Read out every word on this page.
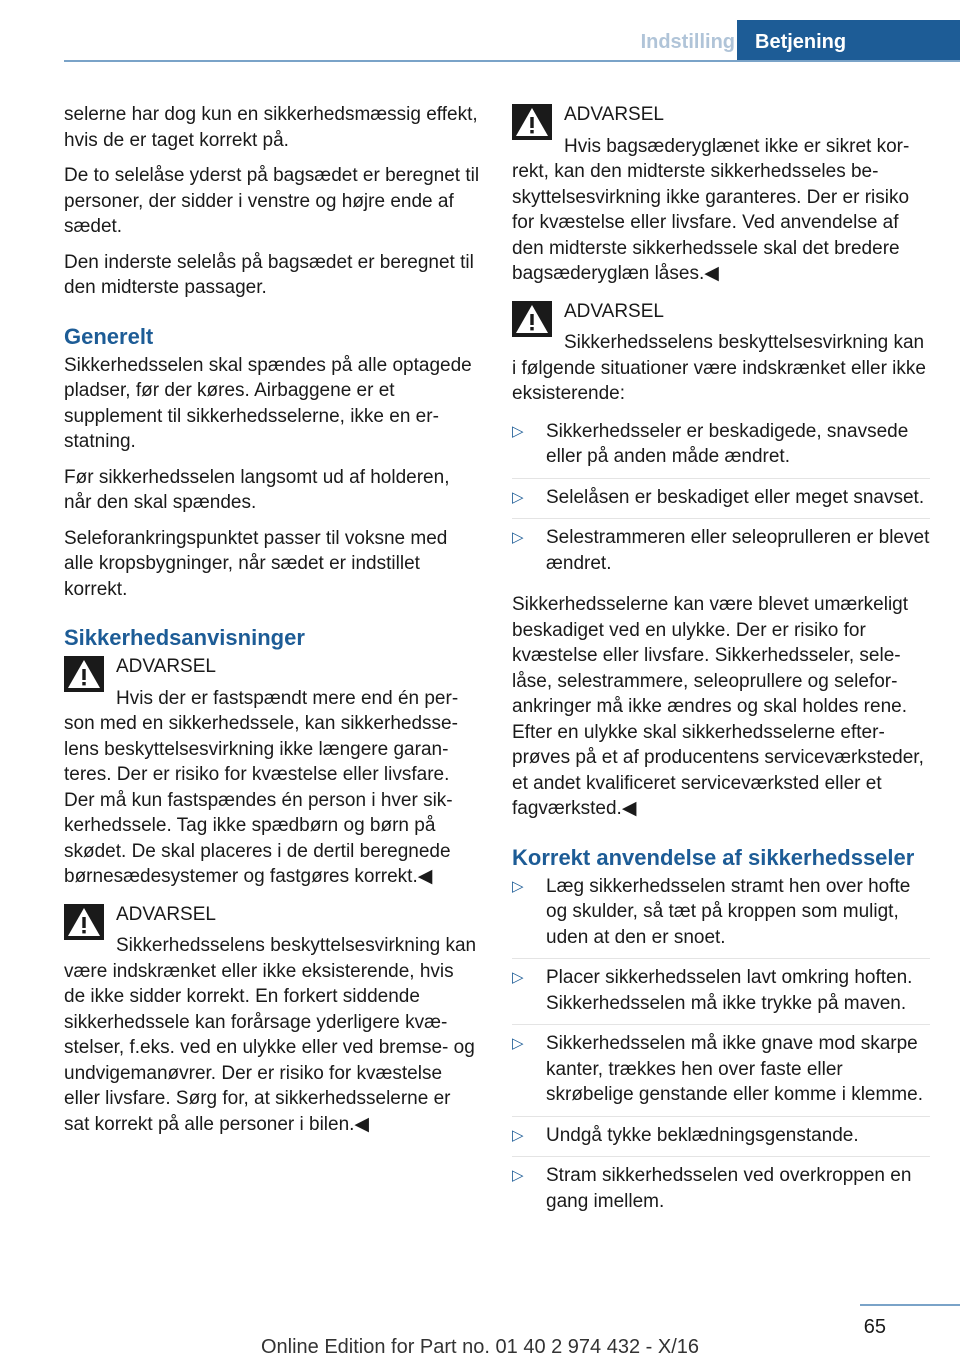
Indstilling	Betjening

selerne har dog kun en sikkerhedsmæssig effekt, hvis de er taget korrekt på.

De to selelåse yderst på bagsædet er beregnet til personer, der sidder i venstre og højre ende af sædet.

Den inderste selelås på bagsædet er beregnet til den midterste passager.

Generelt

Sikkerhedsselen skal spændes på alle optagede pladser, før der køres. Airbaggene er et supplement til sikkerhedsselerne, ikke en erstatning.

Før sikkerhedsselen langsomt ud af holderen, når den skal spændes.

Seleforankringspunktet passer til voksne med alle kropsbygninger, når sædet er indstillet korrekt.

Sikkerhedsanvisninger
ADVARSEL
Hvis der er fastspændt mere end én person med en sikkerhedssele, kan sikkerhedsselens beskyttelsesvirkning ikke længere garanteres. Der er risiko for kvæstelse eller livsfare. Der må kun fastspændes én person i hver sikkerhedssele. Tag ikke spædbørn og børn på skødet. De skal placeres i de dertil beregnede børnesædesystemer og fastgøres korrekt.◀
ADVARSEL
Sikkerhedsselens beskyttelsesvirkning kan være indskrænket eller ikke eksisterende, hvis de ikke sidder korrekt. En forkert siddende sikkerhedssele kan forårsage yderligere kvæstelser, f.eks. ved en ulykke eller ved bremse- og undvigemanøvrer. Der er risiko for kvæstelse eller livsfare. Sørg for, at sikkerhedsselerne er sat korrekt på alle personer i bilen.◀
ADVARSEL
Hvis bagsæderyglænet ikke er sikret korrekt, kan den midterste sikkerhedsseles beskyttelsesvirkning ikke garanteres. Der er risiko for kvæstelse eller livsfare. Ved anvendelse af den midterste sikkerhedssele skal det bredere bagsæderyglæn låses.◀
ADVARSEL
Sikkerhedsselens beskyttelsesvirkning kan i følgende situationer være indskrænket eller ikke eksisterende:
▷ Sikkerhedsseler er beskadigede, snavsede eller på anden måde ændret.
▷ Selelåsen er beskadiget eller meget snavset.
▷ Selestrammeren eller seleoprulleren er blevet ændret.

Sikkerhedsselerne kan være blevet umærkeligt beskadiget ved en ulykke. Der er risiko for kvæstelse eller livsfare. Sikkerhedsseler, selelåse, selestrammere, seleoprullere og seleforankringer må ikke ændres og skal holdes rene. Efter en ulykke skal sikkerhedsselerne efterprøves på et af producentens serviceværksteder, et andet kvalificeret serviceværksted eller et fagværksted.◀

Korrekt anvendelse af sikkerhedsseler
▷ Læg sikkerhedsselen stramt hen over hofte og skulder, så tæt på kroppen som muligt, uden at den er snoet.
▷ Placer sikkerhedsselen lavt omkring hoften. Sikkerhedsselen må ikke trykke på maven.
▷ Sikkerhedsselen må ikke gnave mod skarpe kanter, trækkes hen over faste eller skrøbelige genstande eller komme i klemme.
▷ Undgå tykke beklædningsgenstande.
▷ Stram sikkerhedsselen ved overkroppen en gang imellem.
65
Online Edition for Part no. 01 40 2 974 432 - X/16
